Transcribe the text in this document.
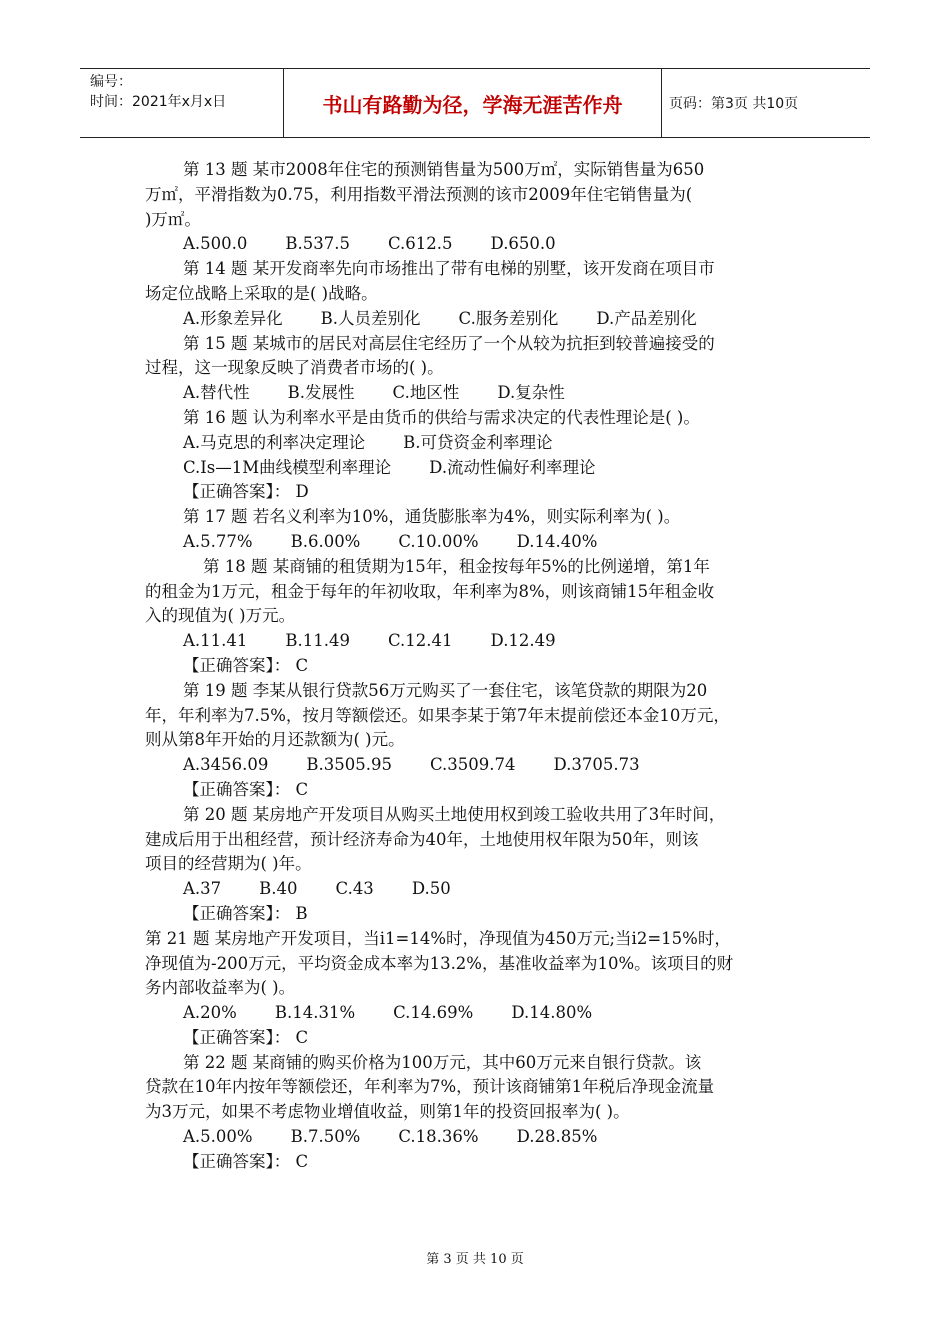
编号：
时间：2021年x月x日	书山有路勤为径，学海无涯苦作舟	页码：第3页 共10页
第 13 题 某市2008年住宅的预测销售量为500万㎡，实际销售量为650
万㎡，平滑指数为0.75，利用指数平滑法预测的该市2009年住宅销售量为(
)万㎡。
A.500.0 B.537.5 C.612.5 D.650.0
第 14 题 某开发商率先向市场推出了带有电梯的别墅，该开发商在项目市
场定位战略上采取的是( )战略。
A.形象差异化 B.人员差别化 C.服务差别化 D.产品差别化
第 15 题 某城市的居民对高层住宅经历了一个从较为抗拒到较普遍接受的
过程，这一现象反映了消费者市场的( )。
A.替代性 B.发展性 C.地区性 D.复杂性
第 16 题 认为利率水平是由货币的供给与需求决定的代表性理论是( )。
A.马克思的利率决定理论 B.可贷资金利率理论
C.Is—1M曲线模型利率理论 D.流动性偏好利率理论
【正确答案】： D
第 17 题 若名义利率为10%，通货膨胀率为4%，则实际利率为( )。
A.5.77% B.6.00% C.10.00% D.14.40%
第 18 题 某商铺的租赁期为15年，租金按每年5%的比例递增，第1年
的租金为1万元，租金于每年的年初收取，年利率为8%，则该商铺15年租金收
入的现值为( )万元。
A.11.41 B.11.49 C.12.41 D.12.49
【正确答案】： C
第 19 题 李某从银行贷款56万元购买了一套住宅，该笔贷款的期限为20
年，年利率为7.5%，按月等额偿还。如果李某于第7年末提前偿还本金10万元，
则从第8年开始的月还款额为( )元。
A.3456.09 B.3505.95 C.3509.74 D.3705.73
【正确答案】： C
第 20 题 某房地产开发项目从购买土地使用权到竣工验收共用了3年时间，
建成后用于出租经营，预计经济寿命为40年，土地使用权年限为50年，则该
项目的经营期为( )年。
A.37 B.40 C.43 D.50
【正确答案】： B
第 21 题 某房地产开发项目，当i1=14%时，净现值为450万元;当i2=15%时，
净现值为-200万元，平均资金成本率为13.2%，基准收益率为10%。该项目的财
务内部收益率为( )。
A.20% B.14.31% C.14.69% D.14.80%
【正确答案】： C
第 22 题 某商铺的购买价格为100万元，其中60万元来自银行贷款。该
贷款在10年内按年等额偿还，年利率为7%，预计该商铺第1年税后净现金流量
为3万元，如果不考虑物业增值收益，则第1年的投资回报率为( )。
A.5.00% B.7.50% C.18.36% D.28.85%
【正确答案】： C
第 3 页 共 10 页
